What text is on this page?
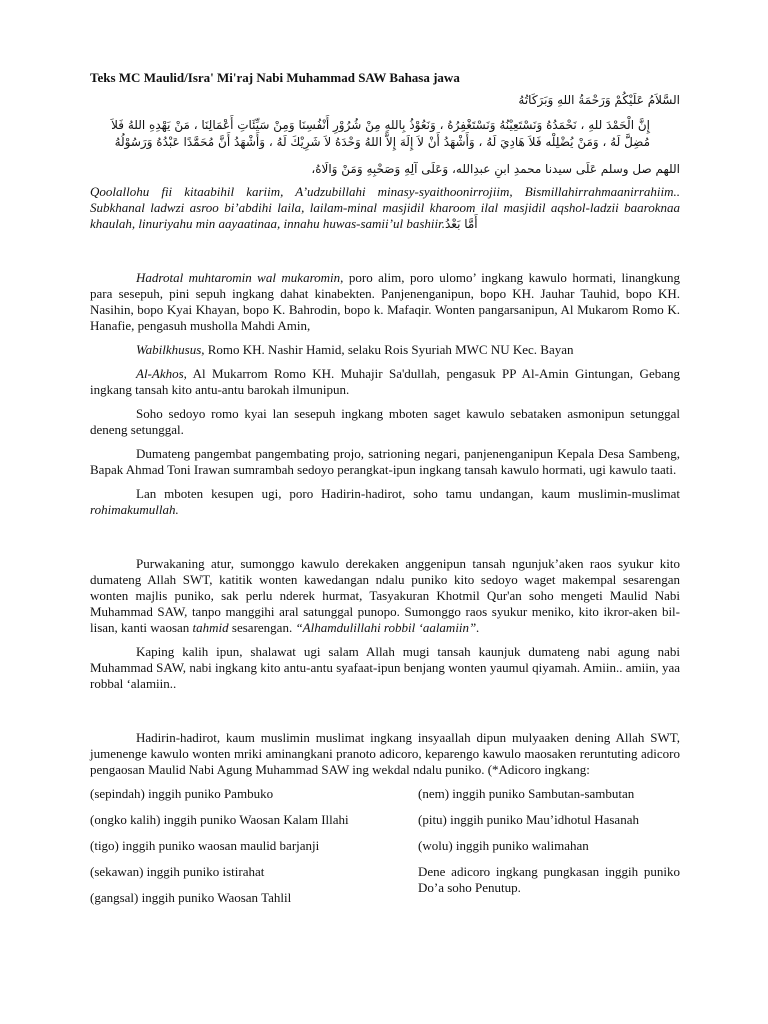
Teks MC Maulid/Isra' Mi'raj Nabi Muhammad SAW Bahasa jawa

السَّلاَمُ عَلَيْكُمْ وَرَحْمَةُ اللهِ وَبَرَكَاتُهُ

إِنَّ الْحَمْدَ للهِ ، نَحْمَدُهُ وَنَسْتَعِيْنُهُ وَنَسْتَغْفِرُهُ ، وَنَعُوْذُ بِاللهِ مِنْ شُرُوْرِ أَنْفُسِنَا وَمِنْ سَيِّئَاتِ أَعْمَالِنَا ، مَنْ يَهْدِهِ اللهُ فَلاَ مُضِلَّ لَهُ ، وَمَنْ يُضْلِلْه فَلاَ هَادِيَ لَهُ ، وَأَشْهَدُ أَنْ لاَ إِلَهَ إِلاَّ اللهُ وَحْدَهُ لاَ شَرِيْكَ لَهُ ، وَأَشْهَدُ أَنَّ مُحَمَّدًا عَبْدُهُ وَرَسُوْلُهُ

اللهم صل وسلم عَلَى سيدنا محمدِ ابنِ عبدِالله، وَعَلَى آلِهِ وَصَحْبِهِ وَمَنْ وَالَاهُ،

Qoolallohu fii kitaabihil kariim, A’udzubillahi minasy-syaithoonirrojiim, Bismillahirrahmaanirrahiim.. Subkhanal ladwzi asroo bi’abdihi laila, lailam-minal masjidil kharoom ilal masjidil aqshol-ladzii baaroknaa khaulah, linuriyahu min aayaatinaa, innahu huwas-samii’ul bashiir.أَمَّا بَعْدُ

Hadrotal muhtaromin wal mukaromin, poro alim, poro ulomo’ ingkang kawulo hormati, linangkung para sesepuh, pini sepuh ingkang dahat kinabekten. Panjenenganipun, bopo KH. Jauhar Tauhid, bopo KH. Nasihin, bopo Kyai Khayan, bopo K. Bahrodin, bopo k. Mafaqir. Wonten pangarsanipun, Al Mukarom Romo K. Hanafie, pengasuh musholla Mahdi Amin,

Wabilkhusus, Romo KH. Nashir Hamid, selaku Rois Syuriah MWC NU Kec. Bayan

Al-Akhos, Al Mukarrom Romo KH. Muhajir Sa'dullah, pengasuk PP Al-Amin Gintungan, Gebang ingkang tansah kito antu-antu barokah ilmunipun.

Soho sedoyo romo kyai lan sesepuh ingkang mboten saget kawulo sebataken asmonipun setunggal deneng setunggal.

Dumateng pangembat pangembating projo, satrioning negari, panjenenganipun Kepala Desa Sambeng, Bapak Ahmad Toni Irawan sumrambah sedoyo perangkat-ipun ingkang tansah kawulo hormati, ugi kawulo taati.

Lan mboten kesupen ugi, poro Hadirin-hadirot, soho tamu undangan, kaum muslimin-muslimat rohimakumullah.

Purwakaning atur, sumonggo kawulo derekaken anggenipun tansah ngunjuk’aken raos syukur kito dumateng Allah SWT, katitik wonten kawedangan ndalu puniko kito sedoyo waget makempal sesarengan wonten majlis puniko, sak perlu nderek hurmat, Tasyakuran Khotmil Qur'an soho mengeti Maulid Nabi Muhammad SAW, tanpo manggihi aral satunggal punopo. Sumonggo raos syukur meniko, kito ikror-aken bil-lisan, kanti waosan tahmid sesarengan. “Alhamdulillahi robbil ‘aalamiin”.

Kaping kalih ipun, shalawat ugi salam Allah mugi tansah kaunjuk dumateng nabi agung nabi Muhammad SAW, nabi ingkang kito antu-antu syafaat-ipun benjang wonten yaumul qiyamah. Amiin.. amiin, yaa robbal ‘alamiin..

Hadirin-hadirot, kaum muslimin muslimat ingkang insyaallah dipun mulyaaken dening Allah SWT, jumenenge kawulo wonten mriki aminangkani pranoto adicoro, keparengo kawulo maosaken reruntuting adicoro pengaosan Maulid Nabi Agung Muhammad SAW ing wekdal ndalu puniko. (*Adicoro ingkang:

(sepindah) inggih puniko Pambuko
(ongko kalih) inggih puniko Waosan Kalam Illahi
(tigo) inggih puniko waosan maulid barjanji
(sekawan) inggih puniko istirahat
(gangsal) inggih puniko Waosan Tahlil
(nem) inggih puniko Sambutan-sambutan
(pitu) inggih puniko Mau’idhotul Hasanah
(wolu) inggih puniko walimahan
Dene adicoro ingkang pungkasan inggih puniko Do’a soho Penutup.
